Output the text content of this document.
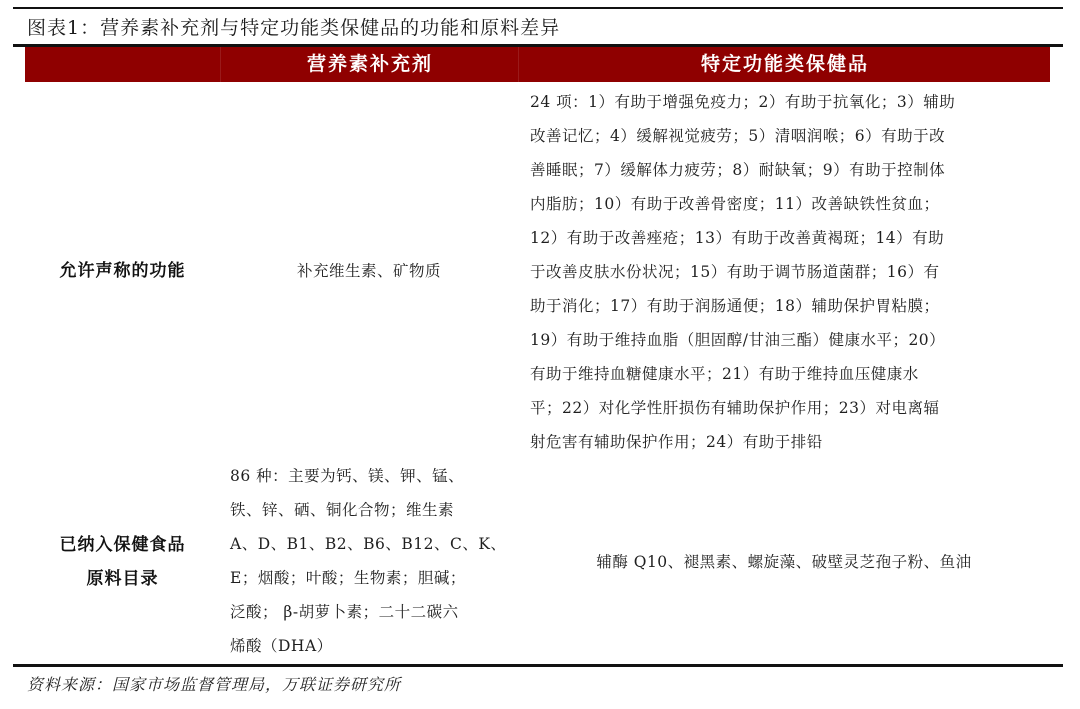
图表1：营养素补充剂与特定功能类保健品的功能和原料差异
营养素补充剂	特定功能类保健品
允许声称的功能	补充维生素、矿物质
24 项：1）有助于增强免疫力；2）有助于抗氧化；3）辅助
改善记忆；4）缓解视觉疲劳；5）清咽润喉；6）有助于改
善睡眠；7）缓解体力疲劳；8）耐缺氧；9）有助于控制体
内脂肪；10）有助于改善骨密度；11）改善缺铁性贫血；
12）有助于改善痤疮；13）有助于改善黄褐斑；14）有助
于改善皮肤水份状况；15）有助于调节肠道菌群；16）有
助于消化；17）有助于润肠通便；18）辅助保护胃粘膜；
19）有助于维持血脂（胆固醇/甘油三酯）健康水平；20）
有助于维持血糖健康水平；21）有助于维持血压健康水
平；22）对化学性肝损伤有辅助保护作用；23）对电离辐
射危害有辅助保护作用；24）有助于排铅
已纳入保健食品
原料目录
86 种：主要为钙、镁、钾、锰、
铁、锌、硒、铜化合物；维生素
A、D、B1、B2、B6、B12、C、K、
E；烟酸；叶酸；生物素；胆碱；
泛酸； β-胡萝卜素；二十二碳六
烯酸（DHA）
辅酶 Q10、褪黑素、螺旋藻、破壁灵芝孢子粉、鱼油
资料来源：国家市场监督管理局，万联证券研究所
